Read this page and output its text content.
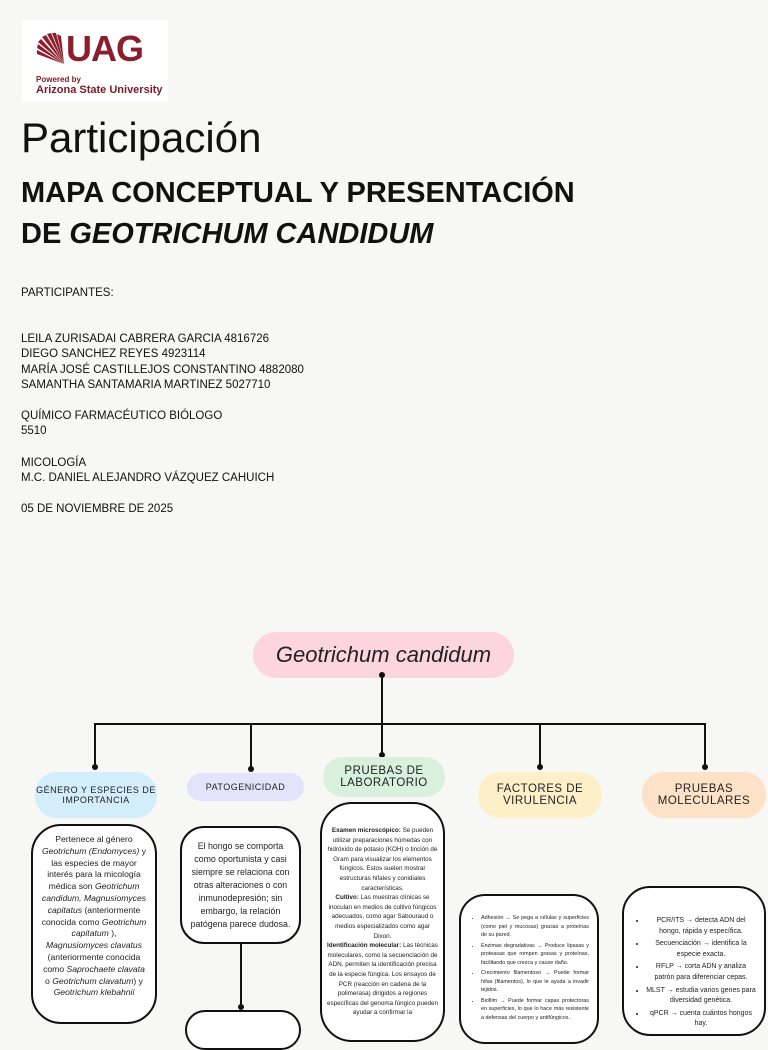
UAG
Powered by
Arizona State University
Participación
MAPA CONCEPTUAL Y PRESENTACIÓN
DE GEOTRICHUM CANDIDUM
PARTICIPANTES:
LEILA ZURISADAI CABRERA GARCIA 4816726
DIEGO SANCHEZ REYES 4923114
MARÍA JOSÉ CASTILLEJOS CONSTANTINO 4882080
SAMANTHA SANTAMARIA MARTINEZ 5027710
QUÍMICO FARMACÉUTICO BIÓLOGO
5510
MICOLOGÍA
M.C. DANIEL ALEJANDRO VÁZQUEZ CAHUICH
05 DE NOVIEMBRE DE 2025
Geotrichum candidum
GÉNERO Y ESPECIES DE IMPORTANCIA
PATOGENICIDAD
PRUEBAS DE LABORATORIO	FACTORES DE VIRULENCIA
PRUEBAS MOLECULARES

Pertenece al género Geotrichum (Endomyces) y las especies de mayor interés para la micología médica son Geotrichum candidum, Magnusiomyces capitatus (anteriormente conocida como Geotrichum capitatum ), Magnusiomyces clavatus (anteriormente conocida como Saprochaete clavata o Geotrichum clavatum) y Geotrichum klebahnii

El hongo se comporta como oportunista y casi siempre se relaciona con otras alteraciones o con inmunodepresión; sin embargo, la relación patógena parece dudosa.

Examen microscópico: Se pueden utilizar preparaciones húmedas con hidróxido de potasio (KOH) o tinción de Gram para visualizar los elementos fúngicos. Estos suelen mostrar estructuras hifales y conidiales características.

Cultivo: Las muestras clínicas se inoculan en medios de cultivo fúngicos adecuados, como agar Sabouraud o medios especializados como agar Dixon.

Identificación molecular: Las técnicas moleculares, como la secuenciación de ADN, permiten la identificación precisa de la especie fúngica. Los ensayos de PCR (reacción en cadena de la polimerasa) dirigidos a regiones específicas del genoma fúngico pueden ayudar a confirmar la

• Adhesión → Se pega a células y superficies (como piel y mucosas) gracias a proteínas de su pared.
• Enzimas degradativas → Produce lipasas y proteasas que rompen grasas y proteínas, facilitando que crezca y cause daño.
• Crecimiento filamentoso → Puede formar hifas (filamentos), lo que le ayuda a invadir tejidos.
• Biofilm → Puede formar capas protectoras en superficies, lo que lo hace más resistente a defensas del cuerpo y antifúngicos.
• PCR/ITS → detecta ADN del hongo, rápida y específica.
• Secuenciación → identifica la especie exacta.
• RFLP → corta ADN y analiza patrón para diferenciar cepas.
• MLST → estudia varios genes para diversidad genética.
• qPCR → cuenta cuántos hongos hay.
